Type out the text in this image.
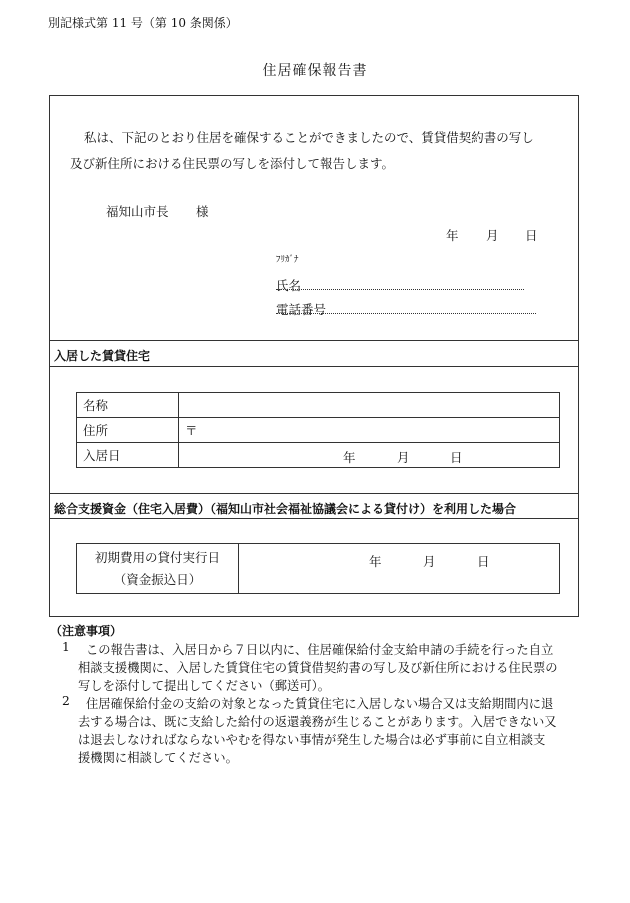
別記様式第 11 号（第 10 条関係）
住居確保報告書
私は、下記のとおり住居を確保することができましたので、賃貸借契約書の写し
及び新住所における住民票の写しを添付して報告します。
福知山市長 様
年 月 日
ﾌﾘｶﾞﾅ
氏名
電話番号
入居した賃貸住宅
名称	
住所	〒
入居日	年 月 日
総合支援資金（住宅入居費）（福知山市社会福祉協議会による貸付け）を利用した場合
初期費用の貸付実行日
（資金振込日）

年	月	日
（注意事項）
1 この報告書は、入居日から７日以内に、住居確保給付金支給申請の手続を行った自立
相談支援機関に、入居した賃貸住宅の賃貸借契約書の写し及び新住所における住民票の
写しを添付して提出してください（郵送可）。
2 住居確保給付金の支給の対象となった賃貸住宅に入居しない場合又は支給期間内に退
去する場合は、既に支給した給付の返還義務が生じることがあります。入居できない又
は退去しなければならないやむを得ない事情が発生した場合は必ず事前に自立相談支
援機関に相談してください。
